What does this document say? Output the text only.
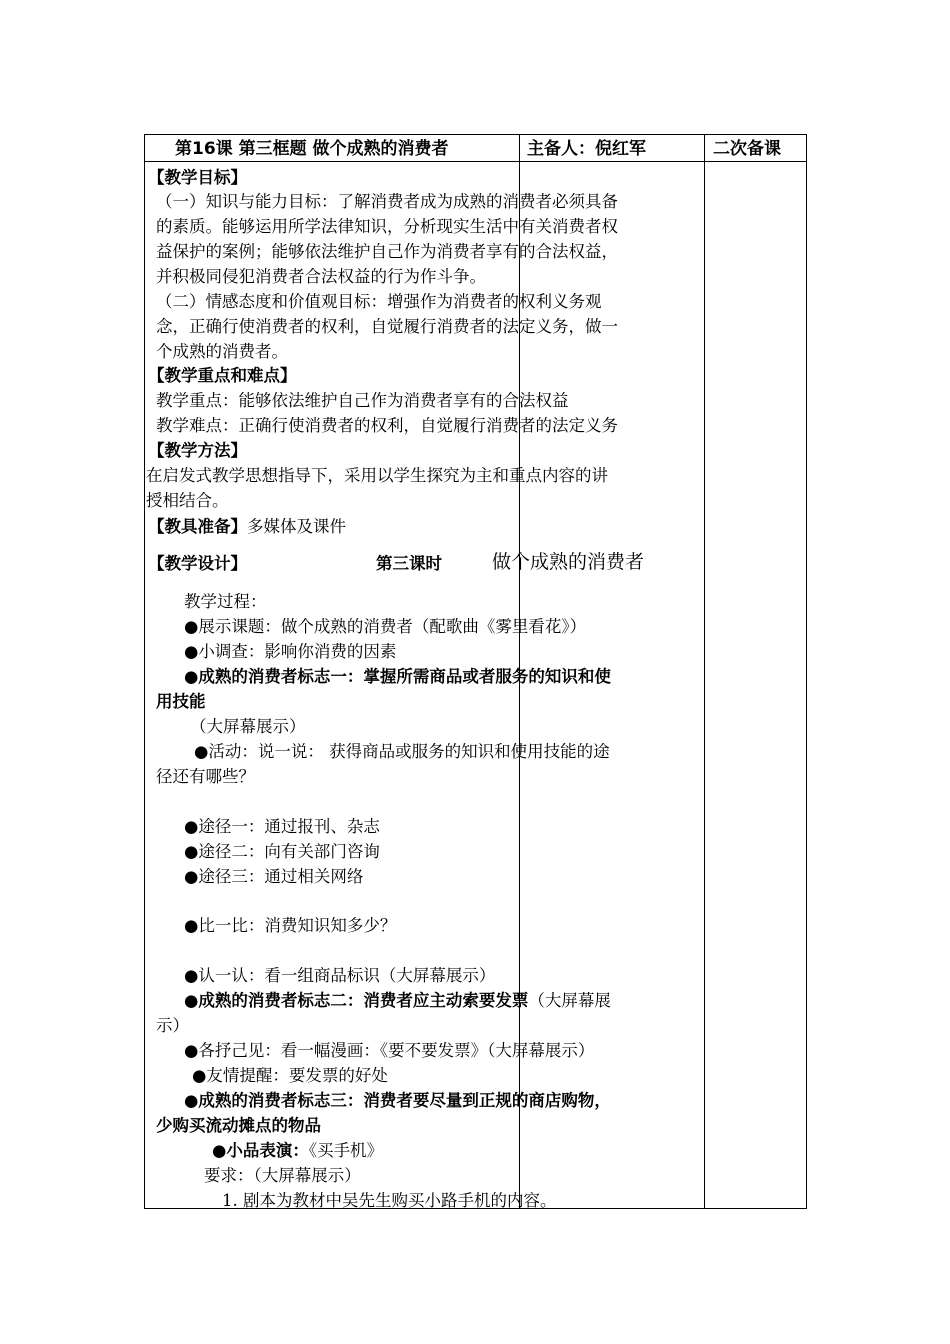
第16课 第三框题 做个成熟的消费者	主备人：倪红军	二次备课
【教学目标】
（一）知识与能力目标：了解消费者成为成熟的消费者必须具备
的素质。能够运用所学法律知识，分析现实生活中有关消费者权
益保护的案例；能够依法维护自己作为消费者享有的合法权益，
并积极同侵犯消费者合法权益的行为作斗争。
（二）情感态度和价值观目标：增强作为消费者的权利义务观
念，正确行使消费者的权利，自觉履行消费者的法定义务，做一
个成熟的消费者。
【教学重点和难点】
教学重点：能够依法维护自己作为消费者享有的合法权益
教学难点：正确行使消费者的权利，自觉履行消费者的法定义务
【教学方法】
在启发式教学思想指导下，采用以学生探究为主和重点内容的讲
授相结合。
【教具准备】多媒体及课件
【教学设计】	第三课时	做个成熟的消费者
教学过程：
●展示课题：做个成熟的消费者（配歌曲《雾里看花》）
●小调查：影响你消费的因素
●成熟的消费者标志一：掌握所需商品或者服务的知识和使
用技能
（大屏幕展示）
●活动：说一说： 获得商品或服务的知识和使用技能的途
径还有哪些？
●途径一：通过报刊、杂志
●途径二：向有关部门咨询
●途径三：通过相关网络
●比一比：消费知识知多少？
●认一认：看一组商品标识（大屏幕展示）
●成熟的消费者标志二：消费者应主动索要发票（大屏幕展
示）
●各抒己见：看一幅漫画：《要不要发票》（大屏幕展示）
●友情提醒：要发票的好处
●成熟的消费者标志三：消费者要尽量到正规的商店购物，
少购买流动摊点的物品
●小品表演：《买手机》
要求：（大屏幕展示）
1. 剧本为教材中吴先生购买小路手机的内容。
